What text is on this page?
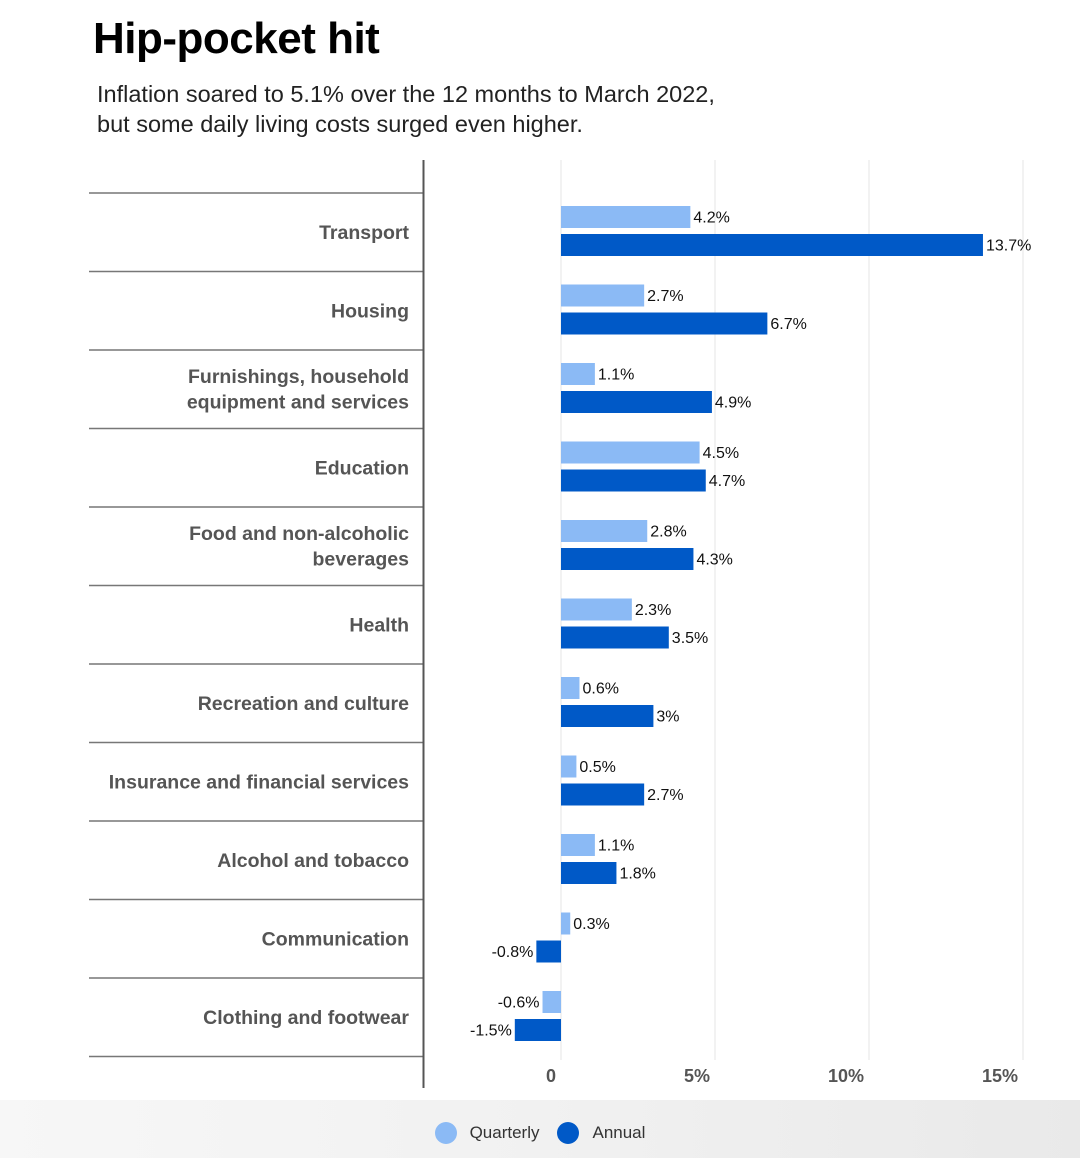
Hip-pocket hit
Inflation soared to 5.1% over the 12 months to March 2022,
but some daily living costs surged even higher.
4.2%
13.7%
2.7%
6.7%
1.1%
4.9%
4.5%
4.7%
2.8%
4.3%
2.3%
3.5%
0.6%
3%
0.5%
2.7%
1.1%
1.8%
0.3%
-0.8%
-0.6%
-1.5%
Transport
Housing
Furnishings, household
equipment and services
Education
Food and non-alcoholic
beverages
Health
Recreation and culture
Insurance and financial services
Alcohol and tobacco
Communication
Clothing and footwear
0	5%	10%	15%
Quarterly	Annual
